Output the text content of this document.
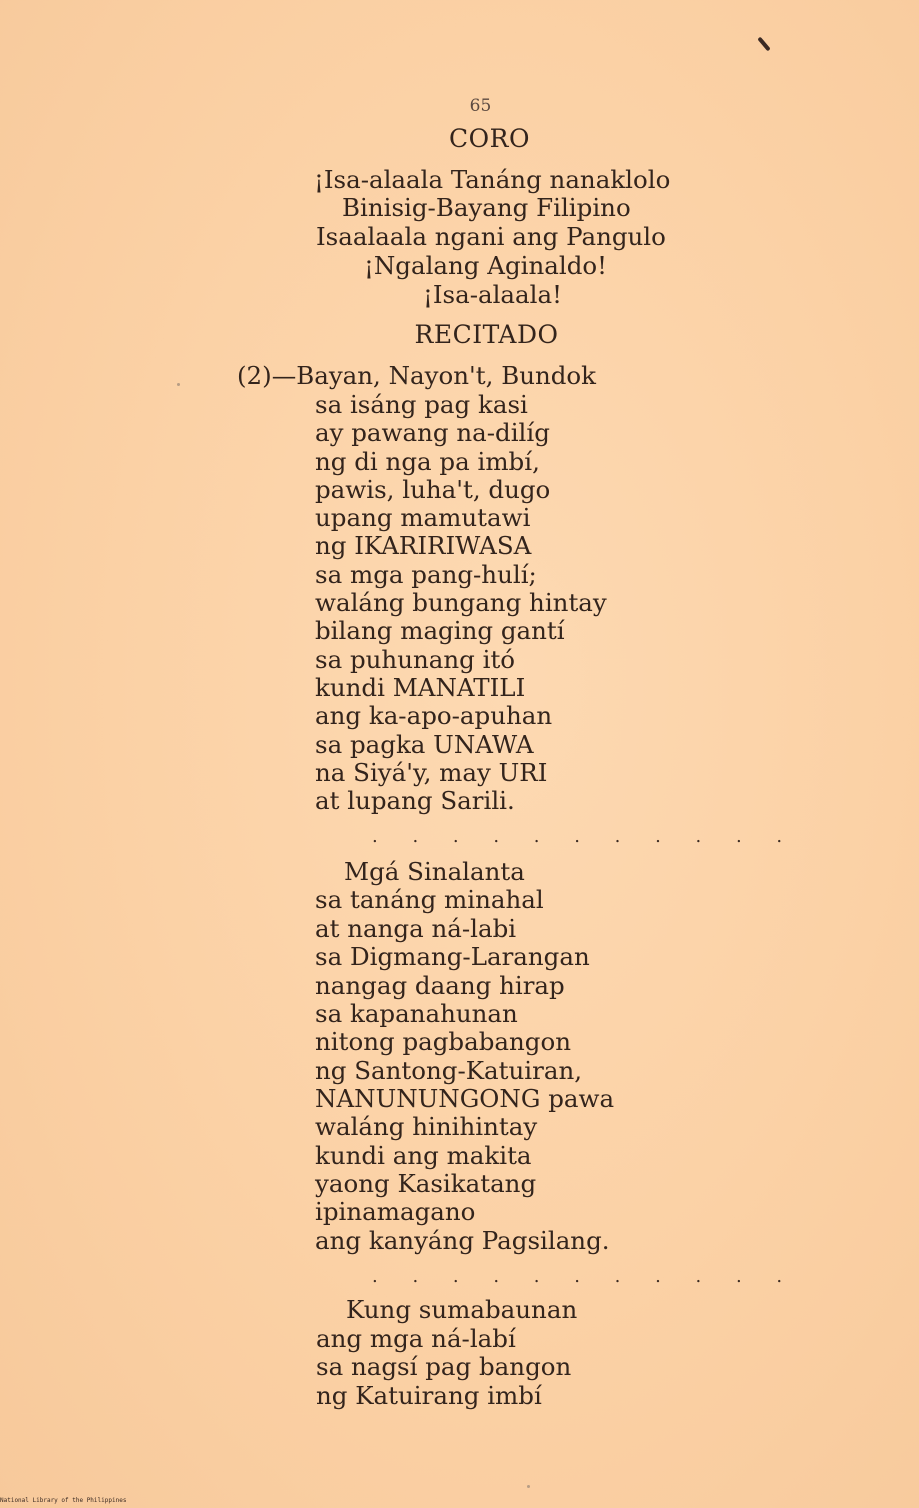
65
CORO
¡Isa-alaala Tanáng nanaklolo
Binisig-Bayang Filipino
Isaalaala ngani ang Pangulo
¡Ngalang Aginaldo!
¡Isa-alaala!
RECITADO
(2)—Bayan, Nayon't, Bundok
sa isáng pag kasi
ay pawang na-dilíg
ng di nga pa imbí,
pawis, luha't, dugo
upang mamutawi
ng IKARIRIWASA
sa mga pang-hulí;
waláng bungang hintay
bilang maging gantí
sa puhunang itó
kundi MANATILI
ang ka-apo-apuhan
sa pagka UNAWA
na Siyá'y, may URI
at lupang Sarili.
. . . . . . . . . . .
Mgá Sinalanta
sa tanáng minahal
at nanga ná-labi
sa Digmang-Larangan
nangag daang hirap
sa kapanahunan
nitong pagbabangon
ng Santong-Katuiran,
NANUNUNGONG pawa
waláng hinihintay
kundi ang makita
yaong Kasikatang
ipinamagano
ang kanyáng Pagsilang.
. . . . . . . . . . .
Kung sumabaunan
ang mga ná-labí
sa nagsí pag bangon
ng Katuirang imbí
National Library of the Philippines
